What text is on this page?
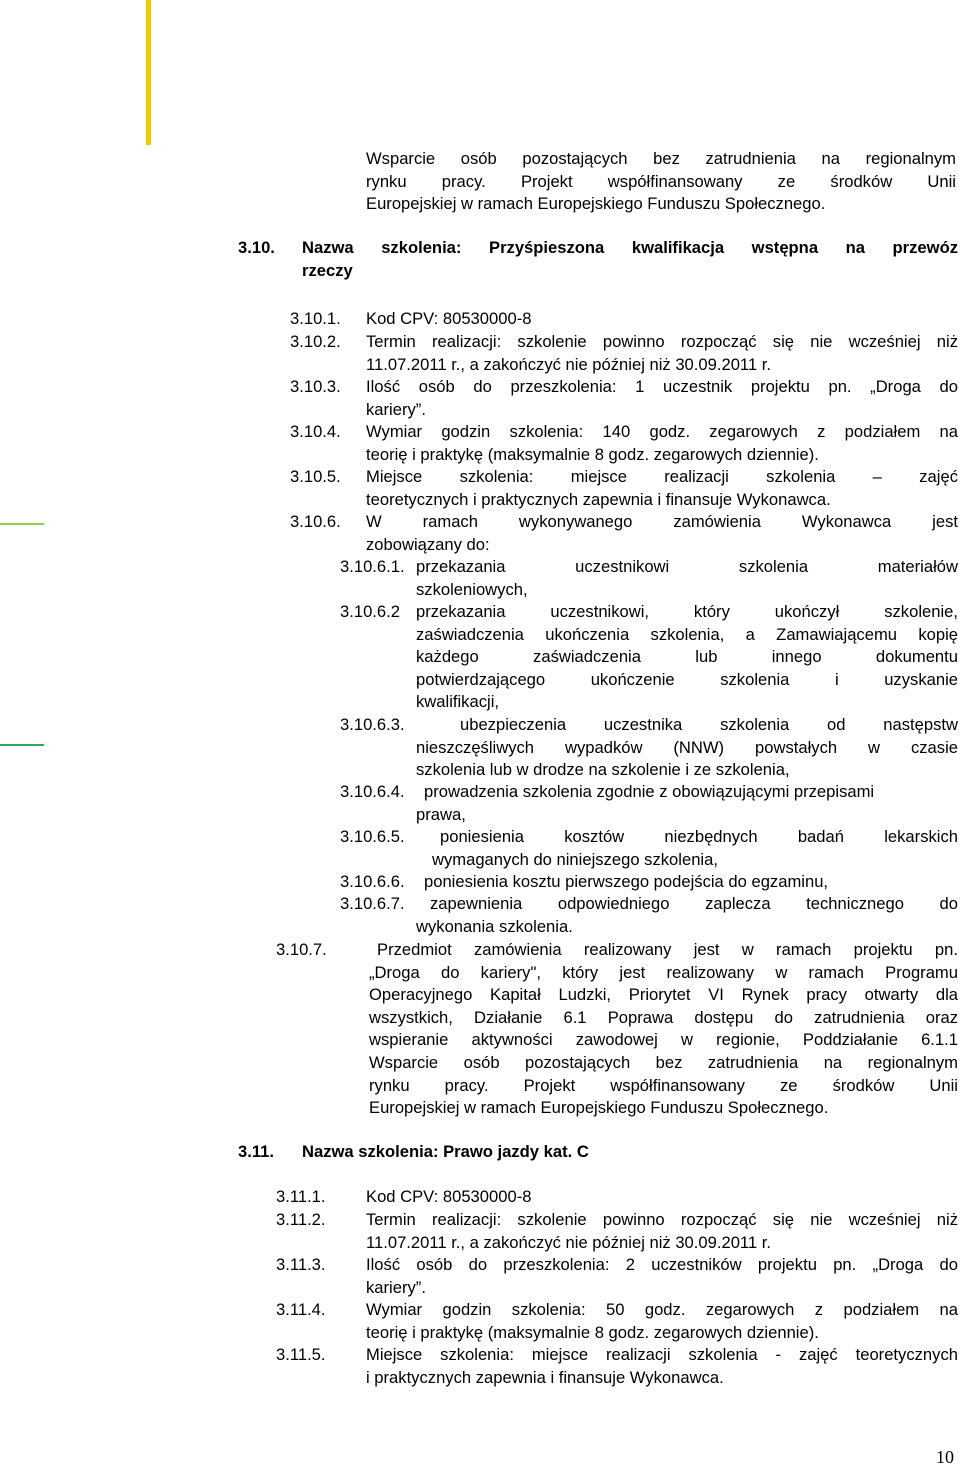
Wsparcie osób pozostających bez zatrudnienia na regionalnym
rynku pracy. Projekt współfinansowany ze środków Unii
Europejskiej w ramach Europejskiego Funduszu Społecznego.
3.10. Nazwa szkolenia: Przyśpieszona kwalifikacja wstępna na przewóz
rzeczy
3.10.1. Kod CPV: 80530000-8
3.10.2. Termin realizacji: szkolenie powinno rozpocząć się nie wcześniej niż
11.07.2011 r., a zakończyć nie później niż 30.09.2011 r.
3.10.3. Ilość osób do przeszkolenia: 1 uczestnik projektu pn. „Droga do
kariery”.
3.10.4. Wymiar godzin szkolenia: 140 godz. zegarowych z podziałem na
teorię i praktykę (maksymalnie 8 godz. zegarowych dziennie).
3.10.5. Miejsce szkolenia: miejsce realizacji szkolenia – zajęć
teoretycznych i praktycznych zapewnia i finansuje Wykonawca.
3.10.6. W ramach wykonywanego zamówienia Wykonawca jest
zobowiązany do:
3.10.6.1. przekazania uczestnikowi szkolenia materiałów
szkoleniowych,
3.10.6.2 przekazania uczestnikowi, który ukończył szkolenie,
zaświadczenia ukończenia szkolenia, a Zamawiającemu kopię
każdego zaświadczenia lub innego dokumentu
potwierdzającego ukończenie szkolenia i uzyskanie
kwalifikacji,
3.10.6.3.	ubezpieczenia uczestnika szkolenia od następstw
nieszczęśliwych wypadków (NNW) powstałych w czasie
szkolenia lub w drodze na szkolenie i ze szkolenia,
3.10.6.4.	prowadzenia szkolenia zgodnie z obowiązującymi przepisami
prawa,
3.10.6.5.	poniesienia kosztów niezbędnych badań lekarskich
wymaganych do niniejszego szkolenia,
3.10.6.6.	poniesienia kosztu pierwszego podejścia do egzaminu,
3.10.6.7.	zapewnienia odpowiedniego zaplecza technicznego do
wykonania szkolenia.
3.10.7.	Przedmiot zamówienia realizowany jest w ramach projektu pn.
„Droga do kariery", który jest realizowany w ramach Programu
Operacyjnego Kapitał Ludzki, Priorytet VI Rynek pracy otwarty dla
wszystkich, Działanie 6.1 Poprawa dostępu do zatrudnienia oraz
wspieranie aktywności zawodowej w regionie, Poddziałanie 6.1.1
Wsparcie osób pozostających bez zatrudnienia na regionalnym
rynku pracy. Projekt współfinansowany ze środków Unii
Europejskiej w ramach Europejskiego Funduszu Społecznego.
3.11. Nazwa szkolenia: Prawo jazdy kat. C
3.11.1. Kod CPV: 80530000-8
3.11.2. Termin realizacji: szkolenie powinno rozpocząć się nie wcześniej niż
11.07.2011 r., a zakończyć nie później niż 30.09.2011 r.
3.11.3. Ilość osób do przeszkolenia: 2 uczestników projektu pn. „Droga do
kariery”.
3.11.4. Wymiar godzin szkolenia: 50 godz. zegarowych z podziałem na
teorię i praktykę (maksymalnie 8 godz. zegarowych dziennie).
3.11.5. Miejsce szkolenia: miejsce realizacji szkolenia - zajęć teoretycznych
i praktycznych zapewnia i finansuje Wykonawca.
10
